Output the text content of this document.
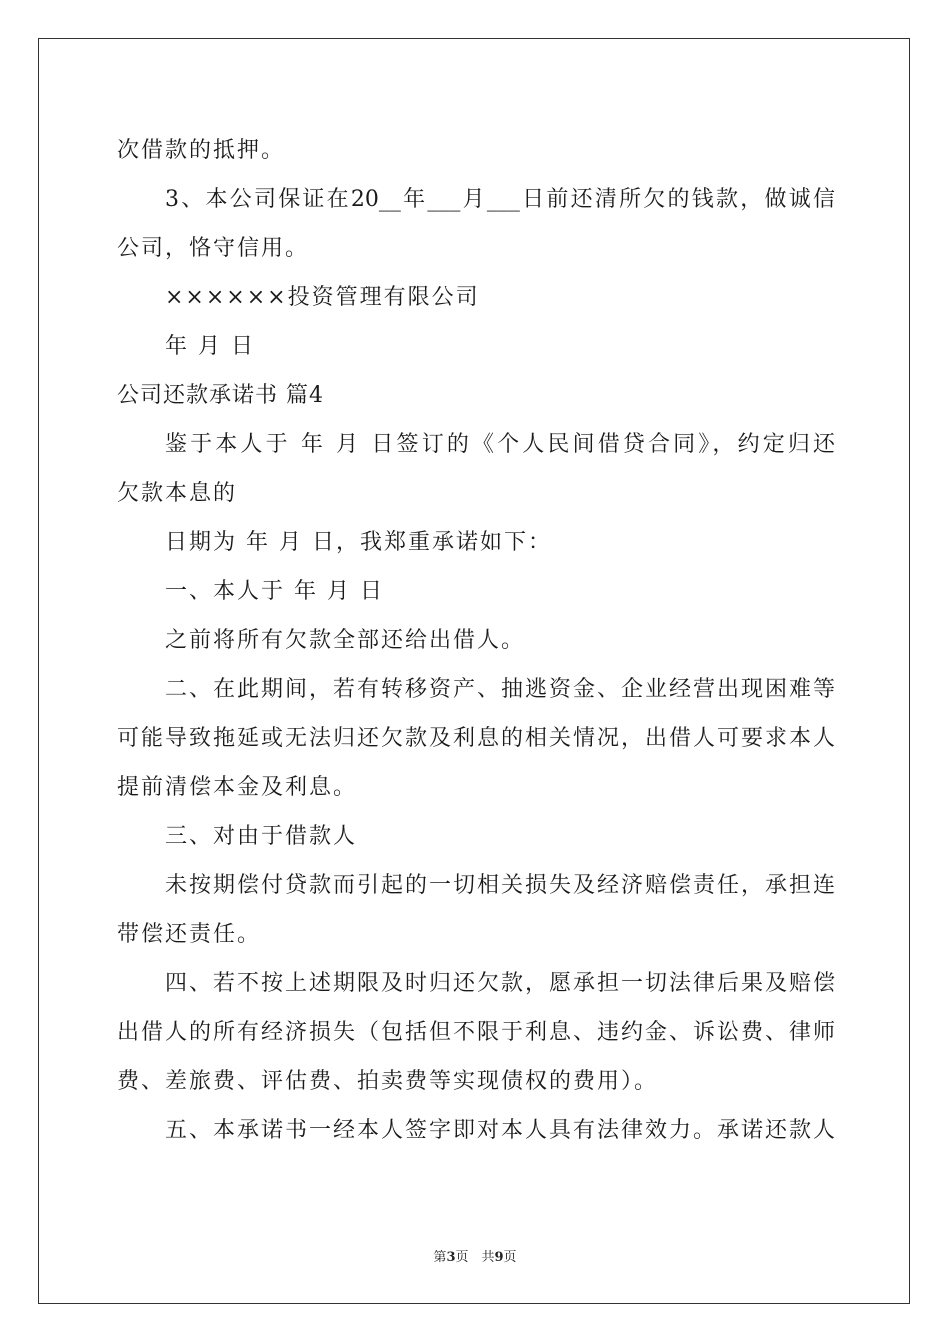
次借款的抵押。
3、本公司保证在20__年___月___日前还清所欠的钱款，做诚信
公司，恪守信用。
××××××投资管理有限公司
年 月 日
公司还款承诺书 篇4
鉴于本人于 年 月 日签订的《个人民间借贷合同》，约定归还
欠款本息的
日期为 年 月 日，我郑重承诺如下：
一、本人于 年 月 日
之前将所有欠款全部还给出借人。
二、在此期间，若有转移资产、抽逃资金、企业经营出现困难等
可能导致拖延或无法归还欠款及利息的相关情况，出借人可要求本人
提前清偿本金及利息。
三、对由于借款人
未按期偿付贷款而引起的一切相关损失及经济赔偿责任，承担连
带偿还责任。
四、若不按上述期限及时归还欠款，愿承担一切法律后果及赔偿
出借人的所有经济损失（包括但不限于利息、违约金、诉讼费、律师
费、差旅费、评估费、拍卖费等实现债权的费用）。
五、本承诺书一经本人签字即对本人具有法律效力。承诺还款人
第3页　共9页
